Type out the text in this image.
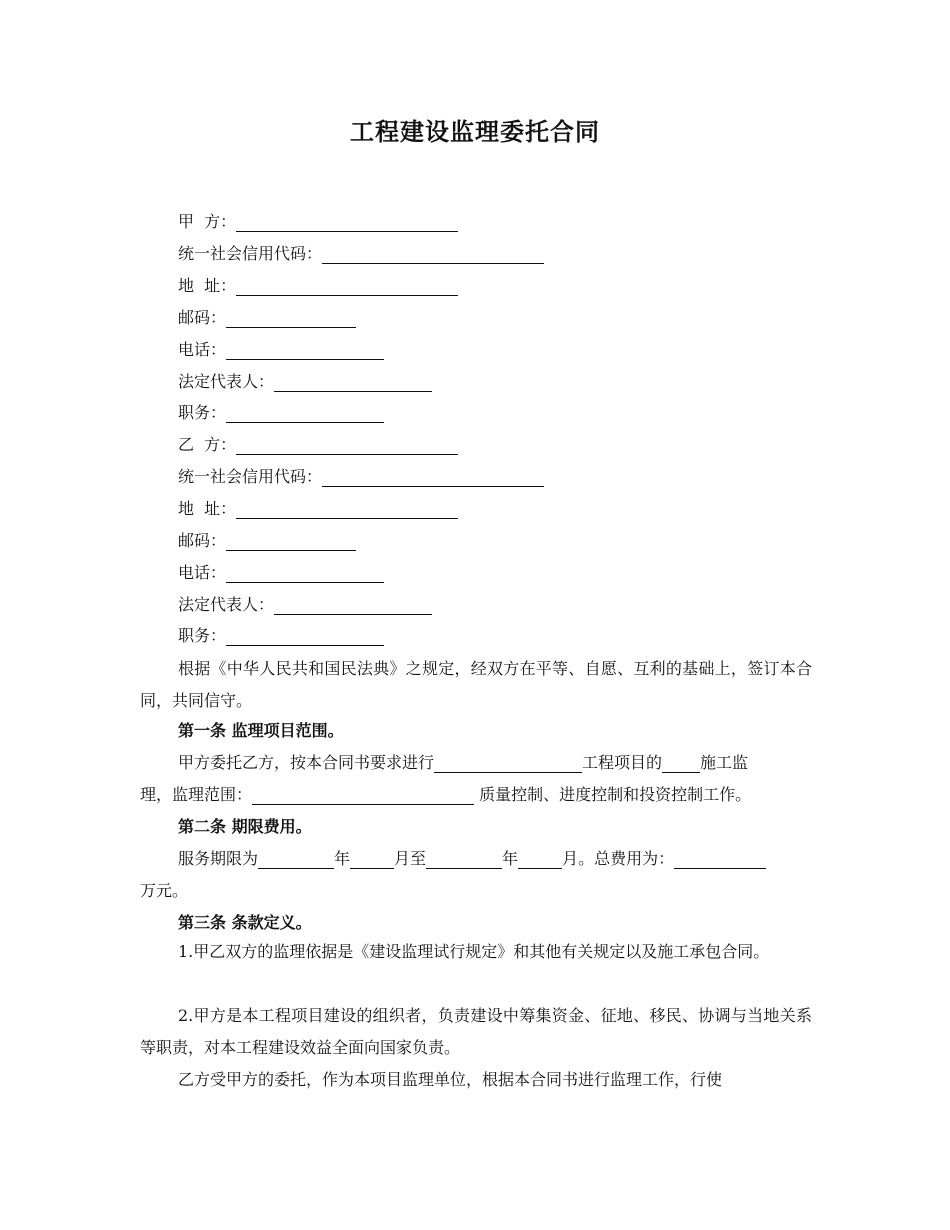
工程建设监理委托合同
甲  方：
统一社会信用代码：
地  址：
邮码：
电话：
法定代表人：
职务：
乙  方：
统一社会信用代码：
地  址：
邮码：
电话：
法定代表人：
职务：

根据《中华人民共和国民法典》之规定，经双方在平等、自愿、互利的基础上，签订本合同，共同信守。

第一条 监理项目范围。
甲方委托乙方，按本合同书要求进行	工程项目的 施工监
理，监理范围：	质量控制、进度控制和投资控制工作。
第二条 期限费用。
服务期限为	年	月至	年	月。总费用为：
万元。
第三条 条款定义。

1.甲乙双方的监理依据是《建设监理试行规定》和其他有关规定以及施工承包合同。

2.甲方是本工程项目建设的组织者，负责建设中筹集资金、征地、移民、协调与当地关系等职责，对本工程建设效益全面向国家负责。

乙方受甲方的委托，作为本项目监理单位，根据本合同书进行监理工作，行使
